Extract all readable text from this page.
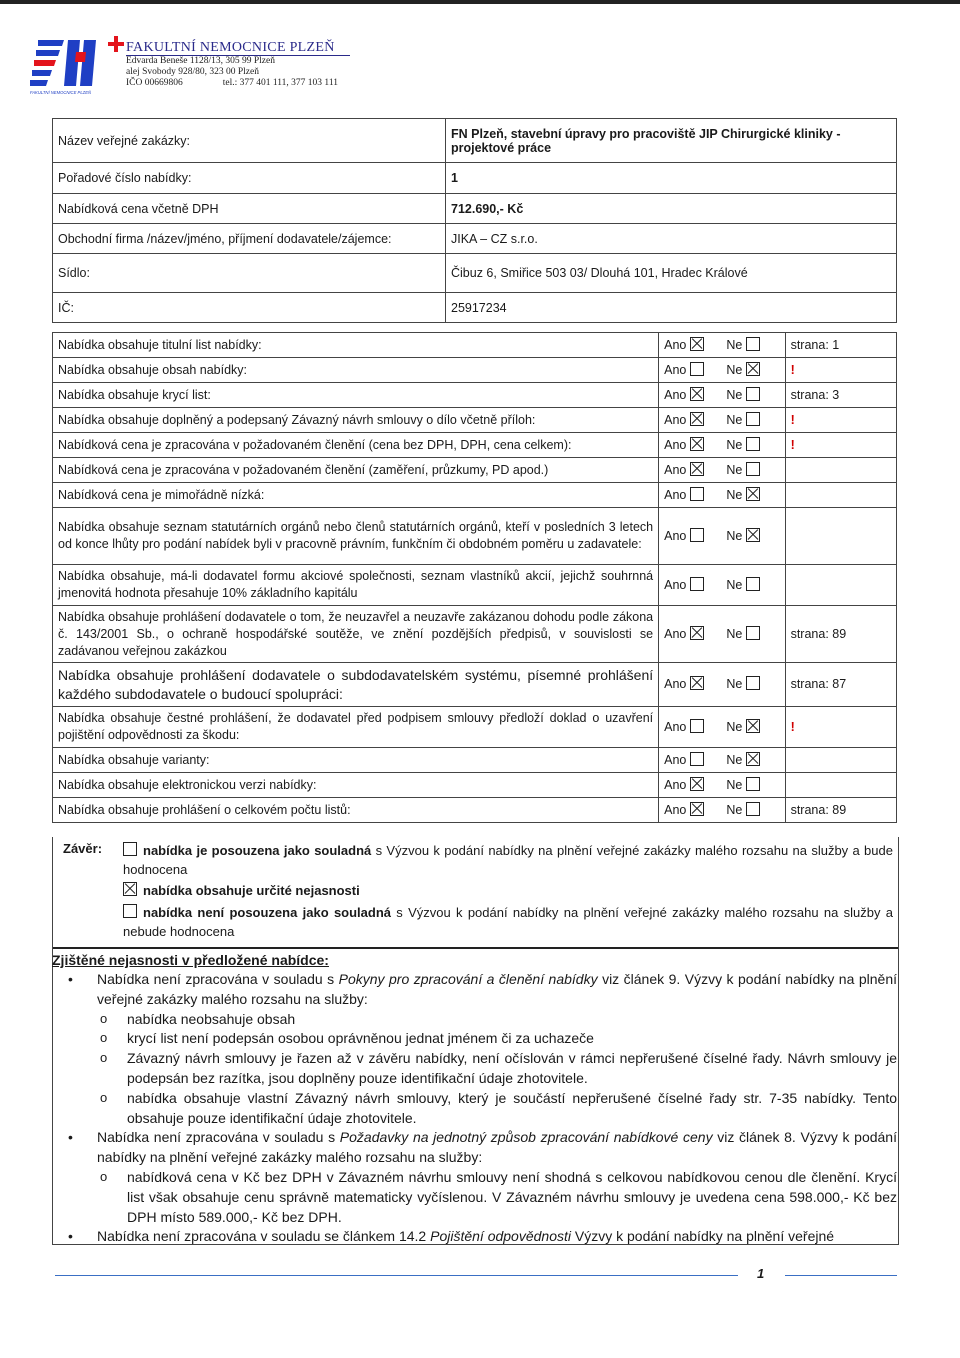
FAKULTNÍ NEMOCNICE PLZEŇ
FAKULTNÍ NEMOCNICE PLZEŇ
Edvarda Beneše 1128/13, 305 99 Plzeň
alej Svobody 928/80, 323 00 Plzeň
IČO 00669806	tel.: 377 401 111, 377 103 111
Název veřejné zakázky:	FN Plzeň, stavební úpravy pro pracoviště JIP Chirurgické kliniky - projektové práce
Pořadové číslo nabídky:	1
Nabídková cena včetně DPH	712.690,- Kč
Obchodní firma /název/jméno, příjmení dodavatele/zájemce:	JIKA – CZ s.r.o.
Sídlo:	Čibuz 6, Smiřice 503 03/ Dlouhá 101, Hradec Králové
IČ:	25917234
Nabídka obsahuje titulní list nabídky:	Ano Ne	strana: 1
Nabídka obsahuje obsah nabídky:	Ano Ne	!
Nabídka obsahuje krycí list:	Ano Ne	strana: 3
Nabídka obsahuje doplněný a podepsaný Závazný návrh smlouvy o dílo včetně příloh:	Ano Ne	!
Nabídková cena je zpracována v požadovaném členění (cena bez DPH, DPH, cena celkem):	Ano Ne	!
Nabídková cena je zpracována v požadovaném členění (zaměření, průzkumy, PD apod.)	Ano Ne	
Nabídková cena je mimořádně nízká:	Ano Ne	
Nabídka obsahuje seznam statutárních orgánů nebo členů statutárních orgánů, kteří v posledních 3 letech od konce lhůty pro podání nabídek byli v pracovně právním, funkčním či obdobném poměru u zadavatele:	Ano Ne	
Nabídka obsahuje, má-li dodavatel formu akciové společnosti, seznam vlastníků akcií, jejichž souhrnná jmenovitá hodnota přesahuje 10% základního kapitálu	Ano Ne	
Nabídka obsahuje prohlášení dodavatele o tom, že neuzavřel a neuzavře zakázanou dohodu podle zákona č. 143/2001 Sb., o ochraně hospodářské soutěže, ve znění pozdějších předpisů, v souvislosti se zadávanou veřejnou zakázkou	Ano Ne	strana: 89
Nabídka obsahuje prohlášení dodavatele o subdodavatelském systému, písemné prohlášení každého subdodavatele o budoucí spolupráci:	Ano Ne	strana: 87
Nabídka obsahuje čestné prohlášení, že dodavatel před podpisem smlouvy předloží doklad o uzavření pojištění odpovědnosti za škodu:	Ano Ne	!
Nabídka obsahuje varianty:	Ano Ne	
Nabídka obsahuje elektronickou verzi nabídky:	Ano Ne	
Nabídka obsahuje prohlášení o celkovém počtu listů:	Ano Ne	strana: 89
Závěr:	nabídka je posouzena jako souladná s Výzvou k podání nabídky na plnění veřejné zakázky malého rozsahu na služby a bude hodnocena
nabídka obsahuje určité nejasnosti
nabídka není posouzena jako souladná s Výzvou k podání nabídky na plnění veřejné zakázky malého rozsahu na služby a nebude hodnocena
Zjištěné nejasnosti v předložené nabídce:
• Nabídka není zpracována v souladu s Pokyny pro zpracování a členění nabídky viz článek 9. Výzvy k podání nabídky na plnění veřejné zakázky malého rozsahu na služby:
o nabídka neobsahuje obsah
o krycí list není podepsán osobou oprávněnou jednat jménem či za uchazeče
o Závazný návrh smlouvy je řazen až v závěru nabídky, není očíslován v rámci nepřerušené číselné řady. Návrh smlouvy je podepsán bez razítka, jsou doplněny pouze identifikační údaje zhotovitele.
o nabídka obsahuje vlastní Závazný návrh smlouvy, který je součástí nepřerušené číselné řady str. 7-35 nabídky. Tento obsahuje pouze identifikační údaje zhotovitele.
• Nabídka není zpracována v souladu s Požadavky na jednotný způsob zpracování nabídkové ceny viz článek 8. Výzvy k podání nabídky na plnění veřejné zakázky malého rozsahu na služby:
o nabídková cena v Kč bez DPH v Závazném návrhu smlouvy není shodná s celkovou nabídkovou cenou dle členění. Krycí list však obsahuje cenu správně matematicky vyčíslenou. V Závazném návrhu smlouvy je uvedena cena 598.000,- Kč bez DPH místo 589.000,- Kč bez DPH.
• Nabídka není zpracována v souladu se článkem 14.2 Pojištění odpovědnosti Výzvy k podání nabídky na plnění veřejné
1
